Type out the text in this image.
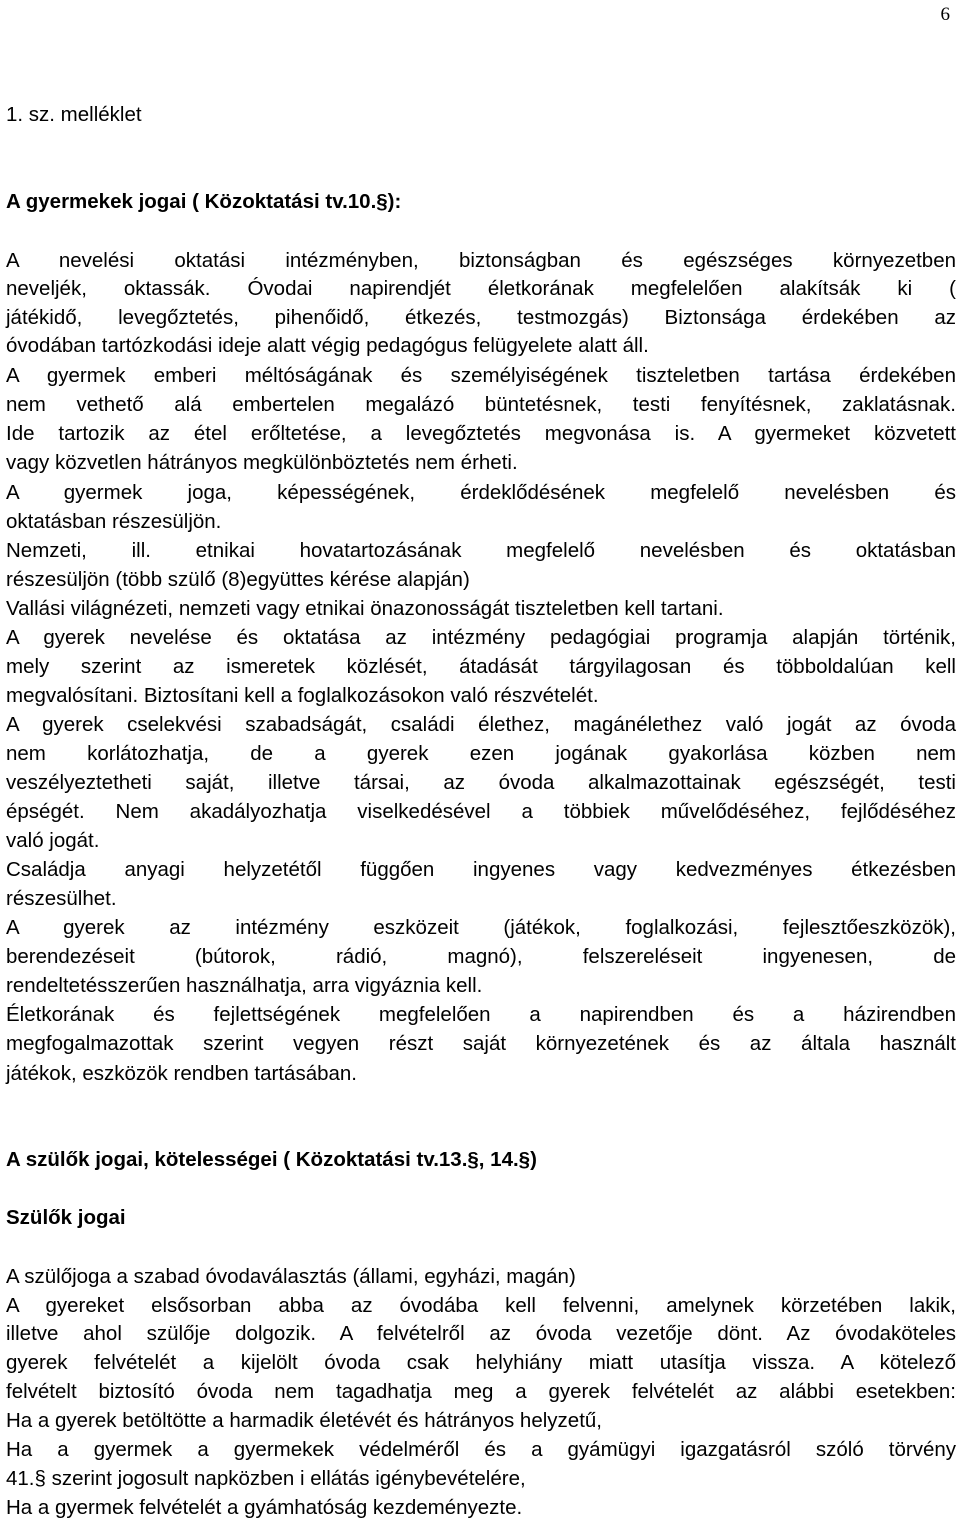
6
1. sz. melléklet
A gyermekek jogai ( Közoktatási tv.10.§):
A nevelési oktatási intézményben, biztonságban és egészséges környezetben
neveljék, oktassák. Óvodai napirendjét életkorának megfelelően alakítsák ki (
játékidő, levegőztetés, pihenőidő, étkezés, testmozgás) Biztonsága érdekében az
óvodában tartózkodási ideje alatt végig pedagógus felügyelete alatt áll.
A gyermek emberi méltóságának és személyiségének tiszteletben tartása érdekében
nem vethető alá embertelen megalázó büntetésnek, testi fenyítésnek, zaklatásnak.
Ide tartozik az étel erőltetése, a levegőztetés megvonása is. A gyermeket közvetett
vagy közvetlen hátrányos megkülönböztetés nem érheti.
A gyermek joga, képességének, érdeklődésének megfelelő nevelésben és
oktatásban részesüljön.
Nemzeti, ill. etnikai hovatartozásának megfelelő nevelésben és oktatásban
részesüljön (több szülő (8)együttes kérése alapján)
Vallási világnézeti, nemzeti vagy etnikai önazonosságát tiszteletben kell tartani.
A gyerek nevelése és oktatása az intézmény pedagógiai programja alapján történik,
mely szerint az ismeretek közlését, átadását tárgyilagosan és többoldalúan kell
megvalósítani. Biztosítani kell a foglalkozásokon való részvételét.
A gyerek cselekvési szabadságát, családi élethez, magánélethez való jogát az óvoda
nem korlátozhatja, de a gyerek ezen jogának gyakorlása közben nem
veszélyeztetheti saját, illetve társai, az óvoda alkalmazottainak egészségét, testi
épségét. Nem akadályozhatja viselkedésével a többiek művelődéséhez, fejlődéséhez
való jogát.
Családja anyagi helyzetétől függően ingyenes vagy kedvezményes étkezésben
részesülhet.
A gyerek az intézmény eszközeit (játékok, foglalkozási, fejlesztőeszközök),
berendezéseit (bútorok, rádió, magnó), felszereléseit ingyenesen, de
rendeltetésszerűen használhatja, arra vigyáznia kell.
Életkorának és fejlettségének megfelelően a napirendben és a házirendben
megfogalmazottak szerint vegyen részt saját környezetének és az általa használt
játékok, eszközök rendben tartásában.
A szülők jogai, kötelességei ( Közoktatási tv.13.§, 14.§)
Szülők jogai
A szülőjoga a szabad óvodaválasztás (állami, egyházi, magán)
A gyereket elsősorban abba az óvodába kell felvenni, amelynek körzetében lakik,
illetve ahol szülője dolgozik. A felvételről az óvoda vezetője dönt. Az óvodaköteles
gyerek felvételét a kijelölt óvoda csak helyhiány miatt utasítja vissza. A kötelező
felvételt biztosító óvoda nem tagadhatja meg a gyerek felvételét az alábbi esetekben:
Ha a gyerek betöltötte a harmadik életévét és hátrányos helyzetű,
Ha a gyermek a gyermekek védelméről és a gyámügyi igazgatásról szóló törvény
41.§ szerint jogosult napközben i ellátás igénybevételére,
Ha a gyermek felvételét a gyámhatóság kezdeményezte.
